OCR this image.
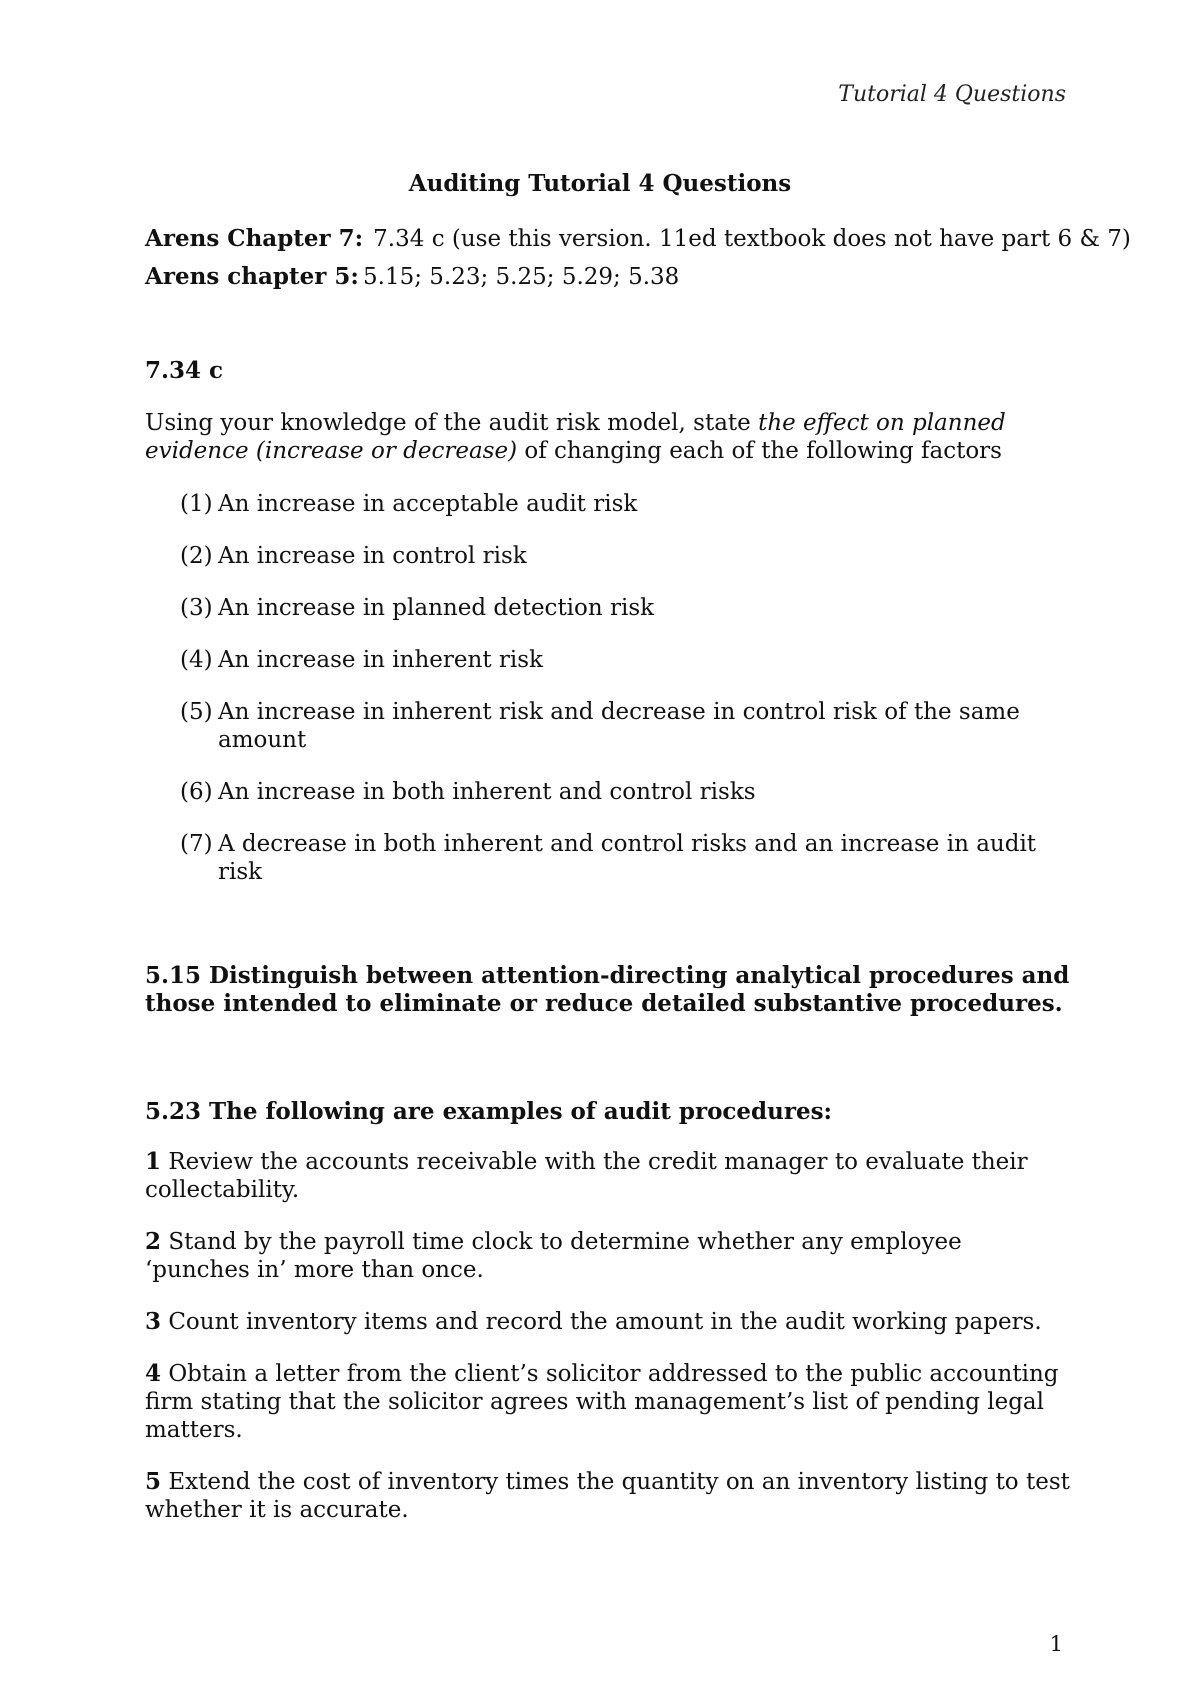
Tutorial 4 Questions
Auditing Tutorial 4 Questions
Arens Chapter 7: 7.34 c (use this version. 11ed textbook does not have part 6 & 7)
Arens chapter 5: 5.15; 5.23; 5.25; 5.29; 5.38
7.34 c
Using your knowledge of the audit risk model, state the effect on planned evidence (increase or decrease) of changing each of the following factors
(1) An increase in acceptable audit risk
(2) An increase in control risk
(3) An increase in planned detection risk
(4) An increase in inherent risk
(5) An increase in inherent risk and decrease in control risk of the same amount
(6) An increase in both inherent and control risks
(7) A decrease in both inherent and control risks and an increase in audit risk
5.15 Distinguish between attention-directing analytical procedures and those intended to eliminate or reduce detailed substantive procedures.
5.23 The following are examples of audit procedures:
1 Review the accounts receivable with the credit manager to evaluate their collectability.
2 Stand by the payroll time clock to determine whether any employee ‘punches in’ more than once.
3 Count inventory items and record the amount in the audit working papers.
4 Obtain a letter from the client’s solicitor addressed to the public accounting firm stating that the solicitor agrees with management’s list of pending legal matters.
5 Extend the cost of inventory times the quantity on an inventory listing to test whether it is accurate.
1
